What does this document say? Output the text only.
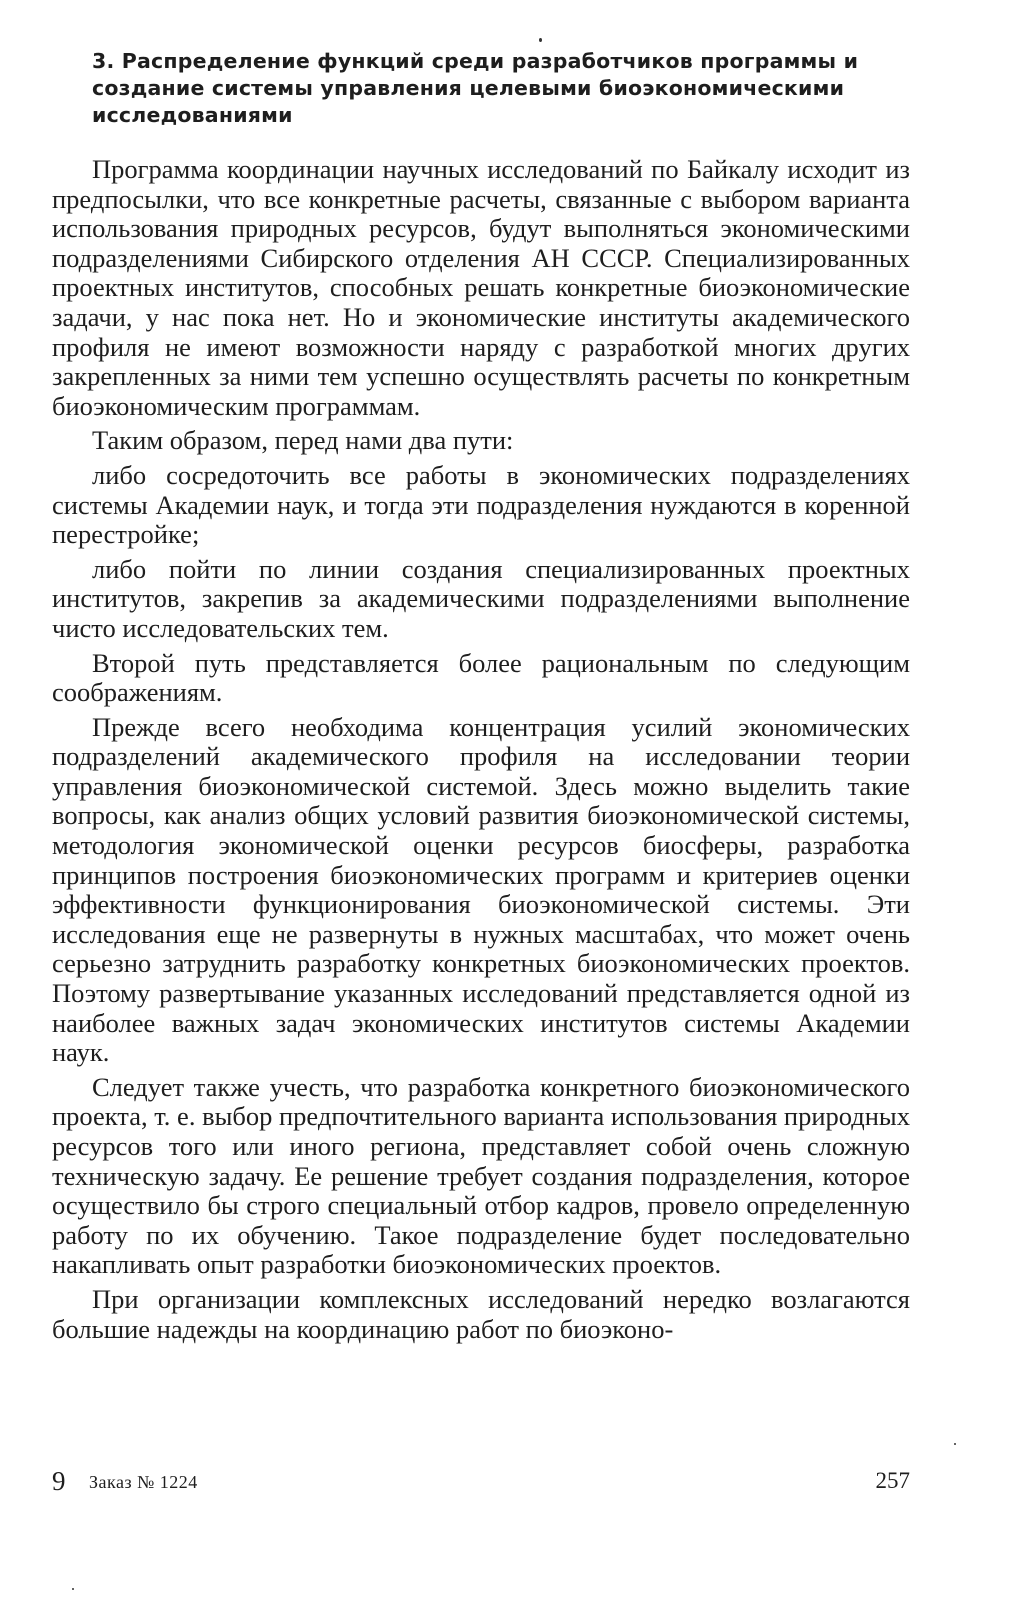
3. Распределение функций среди разработчиков программы и создание системы управления целевыми биоэкономическими исследованиями

Программа координации научных исследований по Байкалу исходит из предпосылки, что все конкретные расчеты, связанные с выбором варианта использования природных ресурсов, будут выполняться экономическими подразделениями Сибирского отделения АН СССР. Специализированных проектных институтов, способных решать конкретные биоэкономические задачи, у нас пока нет. Но и экономические институты академического профиля не имеют возможности наряду с разработкой многих других закрепленных за ними тем успешно осуществлять расчеты по конкретным биоэкономическим программам.

Таким образом, перед нами два пути:

либо сосредоточить все работы в экономических подразделениях системы Академии наук, и тогда эти подразделения нуждаются в коренной перестройке;

либо пойти по линии создания специализированных проектных институтов, закрепив за академическими подразделениями выполнение чисто исследовательских тем.

Второй путь представляется более рациональным по следующим соображениям.

Прежде всего необходима концентрация усилий экономических подразделений академического профиля на исследовании теории управления биоэкономической системой. Здесь можно выделить такие вопросы, как анализ общих условий развития биоэкономической системы, методология экономической оценки ресурсов биосферы, разработка принципов построения биоэкономических программ и критериев оценки эффективности функционирования биоэкономической системы. Эти исследования еще не развернуты в нужных масштабах, что может очень серьезно затруднить разработку конкретных биоэкономических проектов. Поэтому развертывание указанных исследований представляется одной из наиболее важных задач экономических институтов системы Академии наук.

Следует также учесть, что разработка конкретного биоэкономического проекта, т. е. выбор предпочтительного варианта использования природных ресурсов того или иного региона, представляет собой очень сложную техническую задачу. Ее решение требует создания подразделения, которое осуществило бы строго специальный отбор кадров, провело определенную работу по их обучению. Такое подразделение будет последовательно накапливать опыт разработки биоэкономических проектов.

При организации комплексных исследований нередко возлагаются большие надежды на координацию работ по биоэконо-

9 Заказ № 1224	257
